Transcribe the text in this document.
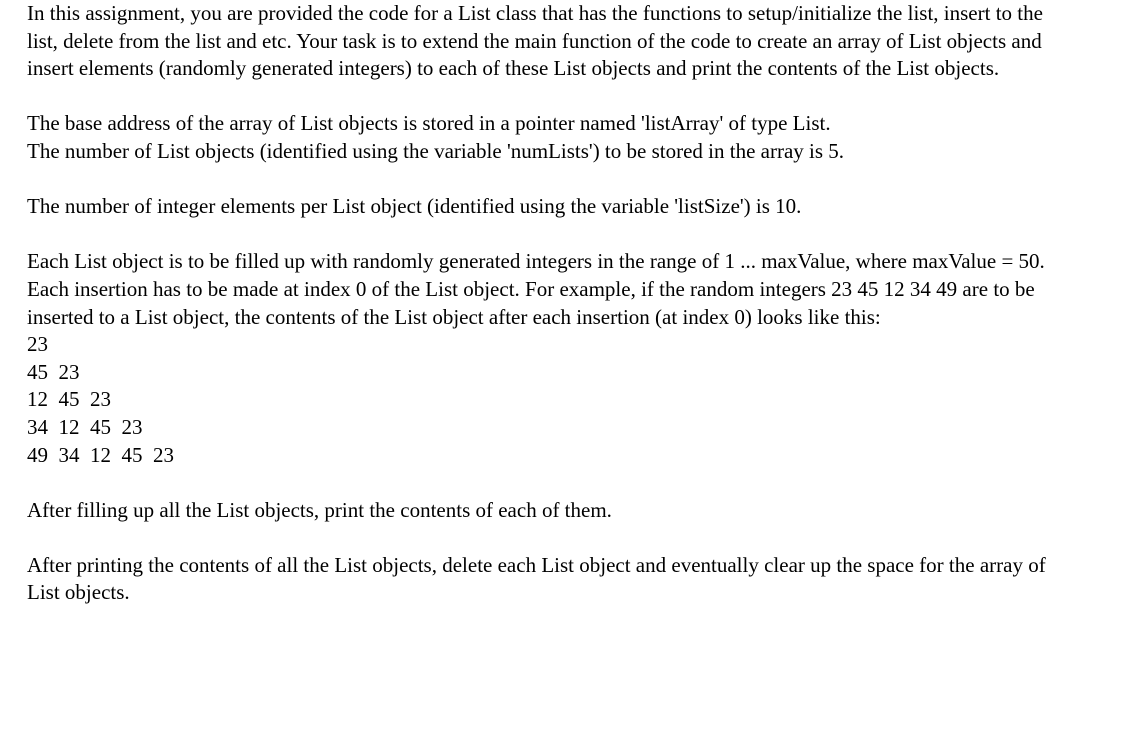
In this assignment, you are provided the code for a List class that has the functions to setup/initialize the list, insert to the list, delete from the list and etc. Your task is to extend the main function of the code to create an array of List objects and insert elements (randomly generated integers) to each of these List objects and print the contents of the List objects.

The base address of the array of List objects is stored in a pointer named 'listArray' of type List.

The number of List objects (identified using the variable 'numLists') to be stored in the array is 5.

The number of integer elements per List object (identified using the variable 'listSize') is 10.

Each List object is to be filled up with randomly generated integers in the range of 1 ... maxValue, where maxValue = 50.

Each insertion has to be made at index 0 of the List object. For example, if the random integers 23 45 12 34 49 are to be inserted to a List object, the contents of the List object after each insertion (at index 0) looks like this:

23

45  23

12  45  23

34  12  45  23

49  34  12  45  23

After filling up all the List objects, print the contents of each of them.

After printing the contents of all the List objects, delete each List object and eventually clear up the space for the array of List objects.
